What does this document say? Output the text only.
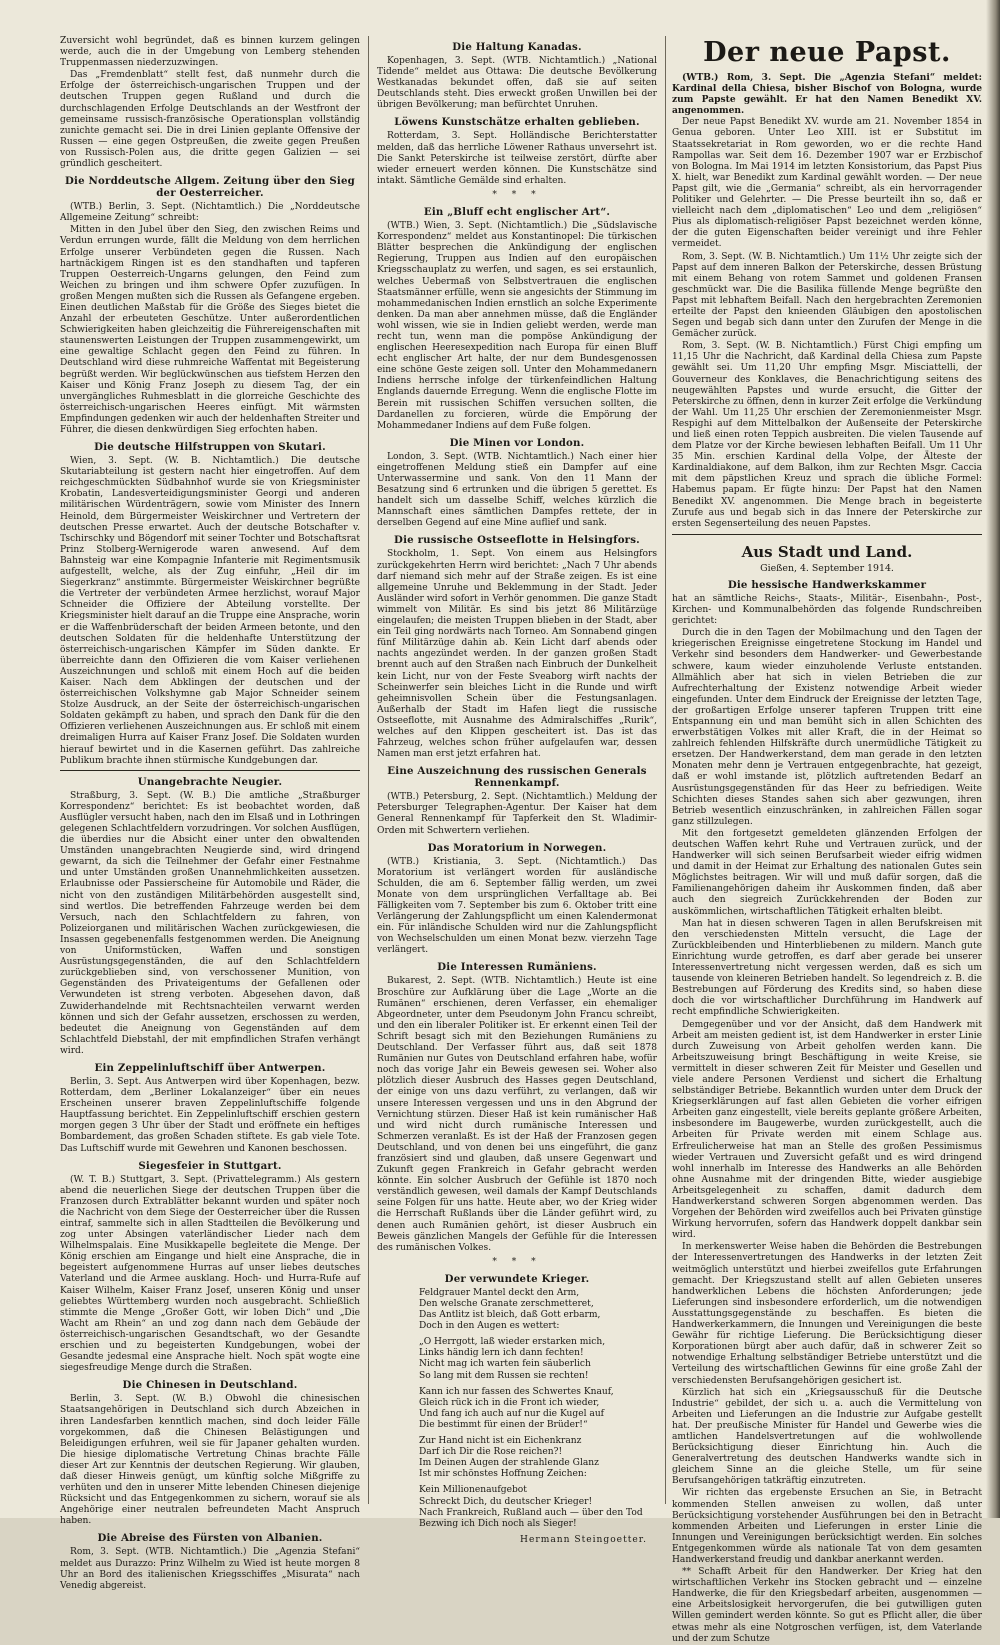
Zuversicht wohl begründet, daß es binnen kurzem gelingen werde, auch die in der Umgebung von Lemberg stehenden Truppenmassen niederzuzwingen.

Das „Fremdenblatt“ stellt fest, daß nunmehr durch die Erfolge der österreichisch-ungarischen Truppen und der deutschen Truppen gegen Rußland und durch die durchschlagenden Erfolge Deutschlands an der Westfront der gemeinsame russisch-französische Operationsplan vollständig zunichte gemacht sei. Die in drei Linien geplante Offensive der Russen — eine gegen Ostpreußen, die zweite gegen Preußen von Russisch-Polen aus, die dritte gegen Galizien — sei gründlich gescheitert.

Die Norddeutsche Allgem. Zeitung über den Sieg der Oesterreicher.

(WTB.) Berlin, 3. Sept. (Nichtamtlich.) Die „Norddeutsche Allgemeine Zeitung“ schreibt:

Mitten in den Jubel über den Sieg, den zwischen Reims und Verdun errungen wurde, fällt die Meldung von dem herrlichen Erfolge unserer Verbündeten gegen die Russen. Nach hartnäckigem Ringen ist es den standhaften und tapferen Truppen Oesterreich-Ungarns gelungen, den Feind zum Weichen zu bringen und ihm schwere Opfer zuzufügen. In großen Mengen mußten sich die Russen als Gefangene ergeben. Einen deutlichen Maßstab für die Größe des Sieges bietet die Anzahl der erbeuteten Geschütze. Unter außerordentlichen Schwierigkeiten haben gleichzeitig die Führereigenschaften mit staunenswerten Leistungen der Truppen zusammengewirkt, um eine gewaltige Schlacht gegen den Feind zu führen. In Deutschland wird diese ruhmreiche Waffentat mit Begeisterung begrüßt werden. Wir beglückwünschen aus tiefstem Herzen den Kaiser und König Franz Joseph zu diesem Tag, der ein unvergängliches Ruhmesblatt in die glorreiche Geschichte des österreichisch-ungarischen Heeres einfügt. Mit wärmsten Empfindungen gedenken wir auch der heldenhaften Streiter und Führer, die diesen denkwürdigen Sieg erfochten haben.

Die deutsche Hilfstruppen von Skutari.

Wien, 3. Sept. (W. B. Nichtamtlich.) Die deutsche Skutariabteilung ist gestern nacht hier eingetroffen. Auf dem reichgeschmückten Südbahnhof wurde sie von Kriegsminister Krobatin, Landesverteidigungsminister Georgi und anderen militärischen Würdenträgern, sowie vom Minister des Innern Heinold, dem Bürgermeister Weiskirchner und Vertretern der deutschen Presse erwartet. Auch der deutsche Botschafter v. Tschirschky und Bögendorf mit seiner Tochter und Botschaftsrat Prinz Stolberg-Wernigerode waren anwesend. Auf dem Bahnsteig war eine Kompagnie Infanterie mit Regimentsmusik aufgestellt, welche, als der Zug einfuhr, „Heil dir im Siegerkranz“ anstimmte. Bürgermeister Weiskirchner begrüßte die Vertreter der verbündeten Armee herzlichst, worauf Major Schneider die Offiziere der Abteilung vorstellte. Der Kriegsminister hielt darauf an die Truppe eine Ansprache, worin er die Waffenbrüderschaft der beiden Armeen betonte, und den deutschen Soldaten für die heldenhafte Unterstützung der österreichisch-ungarischen Kämpfer im Süden dankte. Er überreichte dann den Offizieren die vom Kaiser verliehenen Auszeichnungen und schloß mit einem Hoch auf die beiden Kaiser. Nach dem Abklingen der deutschen und der österreichischen Volkshymne gab Major Schneider seinem Stolze Ausdruck, an der Seite der österreichisch-ungarischen Soldaten gekämpft zu haben, und sprach den Dank für die den Offizieren verliehenen Auszeichnungen aus. Er schloß mit einem dreimaligen Hurra auf Kaiser Franz Josef. Die Soldaten wurden hierauf bewirtet und in die Kasernen geführt. Das zahlreiche Publikum brachte ihnen stürmische Kundgebungen dar.

Unangebrachte Neugier.

Straßburg, 3. Sept. (W. B.) Die amtliche „Straßburger Korrespondenz“ berichtet: Es ist beobachtet worden, daß Ausflügler versucht haben, nach den im Elsaß und in Lothringen gelegenen Schlachtfeldern vorzudringen. Vor solchen Ausflügen, die überdies nur die Absicht einer unter den obwaltenden Umständen unangebrachten Neugierde sind, wird dringend gewarnt, da sich die Teilnehmer der Gefahr einer Festnahme und unter Umständen großen Unannehmlichkeiten aussetzen. Erlaubnisse oder Passierscheine für Automobile und Räder, die nicht von den zuständigen Militärbehörden ausgestellt sind, sind wertlos. Die betreffenden Fahrzeuge werden bei dem Versuch, nach den Schlachtfeldern zu fahren, von Polizeiorganen und militärischen Wachen zurückgewiesen, die Insassen gegebenenfalls festgenommen werden. Die Aneignung von Uniformstücken, Waffen und sonstigen Ausrüstungsgegenständen, die auf den Schlachtfeldern zurückgeblieben sind, von verschossener Munition, von Gegenständen des Privateigentums der Gefallenen oder Verwundeten ist streng verboten. Abgesehen davon, daß Zuwiderhandelnde mit Rechtsnachteilen verwarnt werden können und sich der Gefahr aussetzen, erschossen zu werden, bedeutet die Aneignung von Gegenständen auf dem Schlachtfeld Diebstahl, der mit empfindlichen Strafen verhängt wird.

Ein Zeppelinluftschiff über Antwerpen.

Berlin, 3. Sept. Aus Antwerpen wird über Kopenhagen, bezw. Rotterdam, dem „Berliner Lokalanzeiger“ über ein neues Erscheinen unserer braven Zeppelinluftschiffe folgende Hauptfassung berichtet. Ein Zeppelinluftschiff erschien gestern morgen gegen 3 Uhr über der Stadt und eröffnete ein heftiges Bombardement, das großen Schaden stiftete. Es gab viele Tote. Das Luftschiff wurde mit Gewehren und Kanonen beschossen.

Siegesfeier in Stuttgart.

(W. T. B.) Stuttgart, 3. Sept. (Privattelegramm.) Als gestern abend die neuerlichen Siege der deutschen Truppen über die Franzosen durch Extrablätter bekannt wurden und später noch die Nachricht von dem Siege der Oesterreicher über die Russen eintraf, sammelte sich in allen Stadtteilen die Bevölkerung und zog unter Absingen vaterländischer Lieder nach dem Wilhelmspalais. Eine Musikkapelle begleitete die Menge. Der König erschien am Eingange und hielt eine Ansprache, die in begeistert aufgenommene Hurras auf unser liebes deutsches Vaterland und die Armee ausklang. Hoch- und Hurra-Rufe auf Kaiser Wilhelm, Kaiser Franz Josef, unseren König und unser geliebtes Württemberg wurden noch ausgebracht. Schließlich stimmte die Menge „Großer Gott, wir loben Dich“ und „Die Wacht am Rhein“ an und zog dann nach dem Gebäude der österreichisch-ungarischen Gesandtschaft, wo der Gesandte erschien und zu begeisterten Kundgebungen, wobei der Gesandte jedesmal eine Ansprache hielt. Noch spät wogte eine siegesfreudige Menge durch die Straßen.

Die Chinesen in Deutschland.

Berlin, 3. Sept. (W. B.) Obwohl die chinesischen Staatsangehörigen in Deutschland sich durch Abzeichen in ihren Landesfarben kenntlich machen, sind doch leider Fälle vorgekommen, daß die Chinesen Belästigungen und Beleidigungen erfuhren, weil sie für Japaner gehalten wurden. Die hiesige diplomatische Vertretung Chinas brachte Fälle dieser Art zur Kenntnis der deutschen Regierung. Wir glauben, daß dieser Hinweis genügt, um künftig solche Mißgriffe zu verhüten und den in unserer Mitte lebenden Chinesen diejenige Rücksicht und das Entgegenkommen zu sichern, worauf sie als Angehörige einer neutralen befreundeten Macht Anspruch haben.

Die Abreise des Fürsten von Albanien.

Rom, 3. Sept. (WTB. Nichtamtlich.) Die „Agenzia Stefani“ meldet aus Durazzo: Prinz Wilhelm zu Wied ist heute morgen 8 Uhr an Bord des italienischen Kriegsschiffes „Misurata“ nach Venedig abgereist.

Die Haltung Kanadas.

Kopenhagen, 3. Sept. (WTB. Nichtamtlich.) „National Tidende“ meldet aus Ottawa: Die deutsche Bevölkerung Westkanadas bekundet offen, daß sie auf seiten Deutschlands steht. Dies erweckt großen Unwillen bei der übrigen Bevölkerung; man befürchtet Unruhen.

Löwens Kunstschätze erhalten geblieben.

Rotterdam, 3. Sept. Holländische Berichterstatter melden, daß das herrliche Löwener Rathaus unversehrt ist. Die Sankt Peterskirche ist teilweise zerstört, dürfte aber wieder erneuert werden können. Die Kunstschätze sind intakt. Sämtliche Gemälde sind erhalten.

* * *
Ein „Bluff echt englischer Art“.

(WTB.) Wien, 3. Sept. (Nichtamtlich.) Die „Südslavische Korrespondenz“ meldet aus Konstantinopel: Die türkischen Blätter besprechen die Ankündigung der englischen Regierung, Truppen aus Indien auf den europäischen Kriegsschauplatz zu werfen, und sagen, es sei erstaunlich, welches Uebermaß von Selbstvertrauen die englischen Staatsmänner erfülle, wenn sie angesichts der Stimmung im mohammedanischen Indien ernstlich an solche Experimente denken. Da man aber annehmen müsse, daß die Engländer wohl wissen, wie sie in Indien geliebt werden, werde man recht tun, wenn man die pompöse Ankündigung der englischen Heeresexpedition nach Europa für einen Bluff echt englischer Art halte, der nur dem Bundesgenossen eine schöne Geste zeigen soll. Unter den Mohammedanern Indiens herrsche infolge der türkenfeindlichen Haltung Englands dauernde Erregung. Wenn die englische Flotte im Berein mit russischen Schiffen versuchen sollten, die Dardanellen zu forcieren, würde die Empörung der Mohammedaner Indiens auf dem Fuße folgen.

Die Minen vor London.

London, 3. Sept. (WTB. Nichtamtlich.) Nach einer hier eingetroffenen Meldung stieß ein Dampfer auf eine Unterwassermine und sank. Von den 11 Mann der Besatzung sind 6 ertrunken und die übrigen 5 gerettet. Es handelt sich um dasselbe Schiff, welches kürzlich die Mannschaft eines sämtlichen Dampfes rettete, der in derselben Gegend auf eine Mine auflief und sank.

Die russische Ostseeflotte in Helsingfors.

Stockholm, 1. Sept. Von einem aus Helsingfors zurückgekehrten Herrn wird berichtet: „Nach 7 Uhr abends darf niemand sich mehr auf der Straße zeigen. Es ist eine allgemeine Unruhe und Beklemmung in der Stadt. Jeder Ausländer wird sofort in Verhör genommen. Die ganze Stadt wimmelt von Militär. Es sind bis jetzt 86 Militärzüge eingelaufen; die meisten Truppen blieben in der Stadt, aber ein Teil ging nordwärts nach Torneo. Am Sonnabend gingen fünf Militärzüge dahin ab. Kein Licht darf abends oder nachts angezündet werden. In der ganzen großen Stadt brennt auch auf den Straßen nach Einbruch der Dunkelheit kein Licht, nur von der Feste Sveaborg wirft nachts der Scheinwerfer sein bleiches Licht in die Runde und wirft geheimnisvollen Schein über die Festungsanlagen. Außerhalb der Stadt im Hafen liegt die russische Ostseeflotte, mit Ausnahme des Admiralschiffes „Rurik“, welches auf den Klippen gescheitert ist. Das ist das Fahrzeug, welches schon früher aufgelaufen war, dessen Namen man erst jetzt erfahren hat.

Eine Auszeichnung des russischen Generals Rennenkampf.

(WTB.) Petersburg, 2. Sept. (Nichtamtlich.) Meldung der Petersburger Telegraphen-Agentur. Der Kaiser hat dem General Rennenkampf für Tapferkeit den St. Wladimir-Orden mit Schwertern verliehen.

Das Moratorium in Norwegen.

(WTB.) Kristiania, 3. Sept. (Nichtamtlich.) Das Moratorium ist verlängert worden für ausländische Schulden, die am 6. September fällig werden, um zwei Monate von dem ursprünglichen Verfalltage ab. Bei Fälligkeiten vom 7. September bis zum 6. Oktober tritt eine Verlängerung der Zahlungspflicht um einen Kalendermonat ein. Für inländische Schulden wird nur die Zahlungspflicht von Wechselschulden um einen Monat bezw. vierzehn Tage verlängert.

Die Interessen Rumäniens.

Bukarest, 2. Sept. (WTB. Nichtamtlich.) Heute ist eine Broschüre zur Aufklärung über die Lage „Worte an die Rumänen“ erschienen, deren Verfasser, ein ehemaliger Abgeordneter, unter dem Pseudonym John Francu schreibt, und den ein liberaler Politiker ist. Er erkennt einen Teil der Schrift besagt sich mit den Beziehungen Rumäniens zu Deutschland. Der Verfasser führt aus, daß seit 1878 Rumänien nur Gutes von Deutschland erfahren habe, wofür noch das vorige Jahr ein Beweis gewesen sei. Woher also plötzlich dieser Ausbruch des Hasses gegen Deutschland, der einige von uns dazu verführt, zu verlangen, daß wir unsere Interessen vergessen und uns in den Abgrund der Vernichtung stürzen. Dieser Haß ist kein rumänischer Haß und wird nicht durch rumänische Interessen und Schmerzen veranlaßt. Es ist der Haß der Franzosen gegen Deutschland, und von denen bei uns eingeführt, die ganz französiert sind und glauben, daß unsere Gegenwart und Zukunft gegen Frankreich in Gefahr gebracht werden könnte. Ein solcher Ausbruch der Gefühle ist 1870 noch verständlich gewesen, weil damals der Kampf Deutschlands seine Folgen für uns hatte. Heute aber, wo der Krieg wider die Herrschaft Rußlands über die Länder geführt wird, zu denen auch Rumänien gehört, ist dieser Ausbruch ein Beweis gänzlichen Mangels der Gefühle für die Interessen des rumänischen Volkes.

* * *
Der verwundete Krieger.

Feldgrauer Mantel deckt den Arm,

Den welsche Granate zerschmetteret,

Das Antlitz ist bleich, daß Gott erbarm,

Doch in den Augen es wettert:

„O Herrgott, laß wieder erstarken mich,

Links händig lern ich dann fechten!

Nicht mag ich warten fein säuberlich

So lang mit dem Russen sie rechten!

Kann ich nur fassen des Schwertes Knauf,

Gleich rück ich in die Front ich wieder,

Und fang ich auch auf nur die Kugel auf

Die bestimmt für einen der Brüder!“

Zur Hand nicht ist ein Eichenkranz

Darf ich Dir die Rose reichen?!

Im Deinen Augen der strahlende Glanz

Ist mir schönstes Hoffnung Zeichen:

Kein Millionenaufgebot

Schreckt Dich, du deutscher Krieger!

Nach Frankreich, Rußland auch — über den Tod

Bezwing ich Dich noch als Sieger!

Hermann Steingoetter.
Der neue Papst.

(WTB.) Rom, 3. Sept. Die „Agenzia Stefani“ meldet: Kardinal della Chiesa, bisher Bischof von Bologna, wurde zum Papste gewählt. Er hat den Namen Benedikt XV. angenommen.

Der neue Papst Benedikt XV. wurde am 21. November 1854 in Genua geboren. Unter Leo XIII. ist er Substitut im Staatssekretariat in Rom geworden, wo er die rechte Hand Rampollas war. Seit dem 16. Dezember 1907 war er Erzbischof von Bologna. Im Mai 1914 im letzten Konsistorium, das Papst Pius X. hielt, war Benedikt zum Kardinal gewählt worden. — Der neue Papst gilt, wie die „Germania“ schreibt, als ein hervorragender Politiker und Gelehrter. — Die Presse beurteilt ihn so, daß er vielleicht nach dem „diplomatischen“ Leo und dem „religiösen“ Pius als diplomatisch-religiöser Papst bezeichnet werden könne, der die guten Eigenschaften beider vereinigt und ihre Fehler vermeidet.

Rom, 3. Sept. (W. B. Nichtamtlich.) Um 11½ Uhr zeigte sich der Papst auf dem inneren Balkon der Peterskirche, dessen Brüstung mit einem Behang von rotem Sammet und goldenen Fransen geschmückt war. Die die Basilika füllende Menge begrüßte den Papst mit lebhaftem Beifall. Nach den hergebrachten Zeremonien erteilte der Papst den knieenden Gläubigen den apostolischen Segen und begab sich dann unter den Zurufen der Menge in die Gemächer zurück.

Rom, 3. Sept. (W. B. Nichtamtlich.) Fürst Chigi empfing um 11,15 Uhr die Nachricht, daß Kardinal della Chiesa zum Papste gewählt sei. Um 11,20 Uhr empfing Msgr. Misciattelli, der Gouverneur des Konklaves, die Benachrichtigung seitens des neugewählten Papstes und wurde ersucht, die Gitter der Peterskirche zu öffnen, denn in kurzer Zeit erfolge die Verkündung der Wahl. Um 11,25 Uhr erschien der Zeremonienmeister Msgr. Respighi auf dem Mittelbalkon der Außenseite der Peterskirche und ließ einen roten Teppich ausbreiten. Die vielen Tausende auf dem Platze vor der Kirche bewiesen lebhaften Beifall. Um 11 Uhr 35 Min. erschien Kardinal della Volpe, der Älteste der Kardinaldiakone, auf dem Balkon, ihm zur Rechten Msgr. Caccia mit dem päpstlichen Kreuz und sprach die übliche Formel: Habemus papam. Er fügte hinzu: Der Papst hat den Namen Benedikt XV. angenommen. Die Menge brach in begeisterte Zurufe aus und begab sich in das Innere der Peterskirche zur ersten Segenserteilung des neuen Papstes.

Aus Stadt und Land.
Gießen, 4. September 1914.
Die hessische Handwerkskammer

hat an sämtliche Reichs-, Staats-, Militär-, Eisenbahn-, Post-, Kirchen- und Kommunalbehörden das folgende Rundschreiben gerichtet:

Durch die in den Tagen der Mobilmachung und den Tagen der kriegerischen Ereignisse eingetretene Stockung im Handel und Verkehr sind besonders dem Handwerker- und Gewerbestande schwere, kaum wieder einzuholende Verluste entstanden. Allmählich aber hat sich in vielen Betrieben die zur Aufrechterhaltung der Existenz notwendige Arbeit wieder eingefunden. Unter dem Eindruck der Ereignisse der letzten Tage, der großartigen Erfolge unserer tapferen Truppen tritt eine Entspannung ein und man bemüht sich in allen Schichten des erwerbstätigen Volkes mit aller Kraft, die in der Heimat so zahlreich fehlenden Hilfskräfte durch unermüdliche Tätigkeit zu ersetzen. Der Handwerkerstand, dem man gerade in den letzten Monaten mehr denn je Vertrauen entgegenbrachte, hat gezeigt, daß er wohl imstande ist, plötzlich auftretenden Bedarf an Ausrüstungsgegenständen für das Heer zu befriedigen. Weite Schichten dieses Standes sahen sich aber gezwungen, ihren Betrieb wesentlich einzuschränken, in zahlreichen Fällen sogar ganz stillzulegen.

Mit den fortgesetzt gemeldeten glänzenden Erfolgen der deutschen Waffen kehrt Ruhe und Vertrauen zurück, und der Handwerker will sich seinen Berufsarbeit wieder eifrig widmen und damit in der Heimat zur Erhaltung des nationalen Gutes sein Möglichstes beitragen. Wir will und muß dafür sorgen, daß die Familienangehörigen daheim ihr Auskommen finden, daß aber auch den siegreich Zurückkehrenden der Boden zur auskömmlichen, wirtschaftlichen Tätigkeit erhalten bleibt.

Man hat in diesen schweren Tagen in allen Berufskreisen mit den verschiedensten Mitteln versucht, die Lage der Zurückbleibenden und Hinterbliebenen zu mildern. Manch gute Einrichtung wurde getroffen, es darf aber gerade bei unserer Interessenvertretung nicht vergessen werden, daß es sich um tausende von kleineren Betrieben handelt. So legendreich z. B. die Bestrebungen auf Förderung des Kredits sind, so haben diese doch die vor wirtschaftlicher Durchführung im Handwerk auf recht empfindliche Schwierigkeiten.

Demgegenüber und vor der Ansicht, daß dem Handwerk mit Arbeit am meisten gedient ist, ist dem Handwerker in erster Linie durch Zuweisung von Arbeit geholfen werden kann. Die Arbeitszuweisung bringt Beschäftigung in weite Kreise, sie vermittelt in dieser schweren Zeit für Meister und Gesellen und viele andere Personen Verdienst und sichert die Erhaltung selbständiger Betriebe. Bekanntlich wurden unter dem Druck der Kriegserklärungen auf fast allen Gebieten die vorher eifrigen Arbeiten ganz eingestellt, viele bereits geplante größere Arbeiten, insbesondere im Baugewerbe, wurden zurückgestellt, auch die Arbeiten für Private werden mit einem Schlage aus. Erfreulicherweise hat man an Stelle des großen Pessimismus wieder Vertrauen und Zuversicht gefaßt und es wird dringend wohl innerhalb im Interesse des Handwerks an alle Behörden ohne Ausnahme mit der dringenden Bitte, wieder ausgiebige Arbeitsgelegenheit zu schaffen, damit dadurch dem Handwerkerstand schweren Sorgen abgenommen werden. Das Vorgehen der Behörden wird zweifellos auch bei Privaten günstige Wirkung hervorrufen, sofern das Handwerk doppelt dankbar sein wird.

In merkenswerter Weise haben die Behörden die Bestrebungen der Interessenvertretungen des Handwerks in der letzten Zeit weitmöglich unterstützt und hierbei zweifellos gute Erfahrungen gemacht. Der Kriegszustand stellt auf allen Gebieten unseres handwerklichen Lebens die höchsten Anforderungen; jede Lieferungen sind insbesondere erforderlich, um die notwendigen Ausstattungsgegenstände zu beschaffen. Es bieten die Handwerkerkammern, die Innungen und Vereinigungen die beste Gewähr für richtige Lieferung. Die Berücksichtigung dieser Korporationen bürgt aber auch dafür, daß in schwerer Zeit so notwendige Erhaltung selbständiger Betriebe unterstützt und die Verteilung des wirtschaftlichen Gewinns für eine große Zahl der verschiedensten Berufsangehörigen gesichert ist.

Kürzlich hat sich ein „Kriegsausschuß für die Deutsche Industrie“ gebildet, der sich u. a. auch die Vermittelung von Arbeiten und Lieferungen an die Industrie zur Aufgabe gestellt hat. Der preußische Minister für Handel und Gewerbe wies die amtlichen Handelsvertretungen auf die wohlwollende Berücksichtigung dieser Einrichtung hin. Auch die Generalvertretung des deutschen Handwerks wandte sich in gleichem Sinne an die gleiche Stelle, um für seine Berufsangehörigen tatkräftig einzutreten.

Wir richten das ergebenste Ersuchen an Sie, in Betracht kommenden Stellen anweisen zu wollen, daß unter Berücksichtigung vorstehender Ausführungen bei den in Betracht kommenden Arbeiten und Lieferungen in erster Linie die Innungen und Vereinigungen berücksichtigt werden. Ein solches Entgegenkommen würde als nationale Tat von dem gesamten Handwerkerstand freudig und dankbar anerkannt werden.

** Schafft Arbeit für den Handwerker. Der Krieg hat den wirtschaftlichen Verkehr ins Stocken gebracht und — einzelne Handwerke, die für den Kriegsbedarf arbeiten, ausgenommen — eine Arbeitslosigkeit hervorgerufen, die bei gutwilligen guten Willen gemindert werden könnte. So gut es Pflicht aller, die über etwas mehr als eine Notgroschen verfügen, ist, dem Vaterlande und der zum Schutze
